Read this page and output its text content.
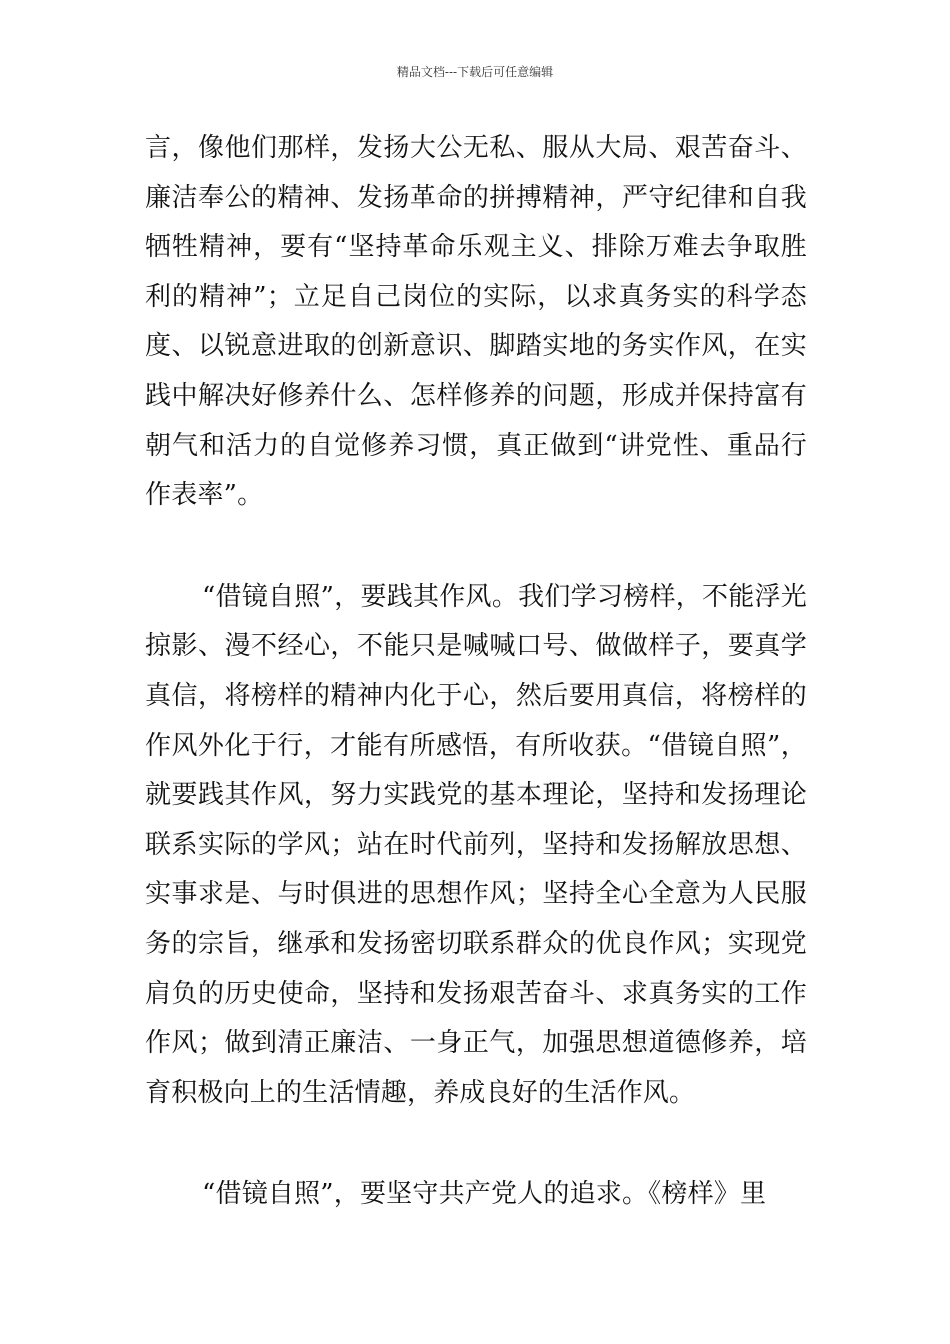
精品文档---下载后可任意编辑

言，像他们那样，发扬大公无私、服从大局、艰苦奋斗、廉洁奉公的精神、发扬革命的拼搏精神，严守纪律和自我牺牲精神，要有“坚持革命乐观主义、排除万难去争取胜利的精神”；立足自己岗位的实际，以求真务实的科学态度、以锐意进取的创新意识、脚踏实地的务实作风，在实践中解决好修养什么、怎样修养的问题，形成并保持富有朝气和活力的自觉修养习惯，真正做到“讲党性、重品行作表率”。

“借镜自照”，要践其作风。我们学习榜样，不能浮光掠影、漫不经心，不能只是喊喊口号、做做样子，要真学真信，将榜样的精神内化于心，然后要用真信，将榜样的作风外化于行，才能有所感悟，有所收获。“借镜自照”，就要践其作风，努力实践党的基本理论，坚持和发扬理论联系实际的学风；站在时代前列，坚持和发扬解放思想、实事求是、与时俱进的思想作风；坚持全心全意为人民服务的宗旨，继承和发扬密切联系群众的优良作风；实现党肩负的历史使命，坚持和发扬艰苦奋斗、求真务实的工作作风；做到清正廉洁、一身正气，加强思想道德修养，培育积极向上的生活情趣，养成良好的生活作风。

“借镜自照”，要坚守共产党人的追求。《榜样》里
